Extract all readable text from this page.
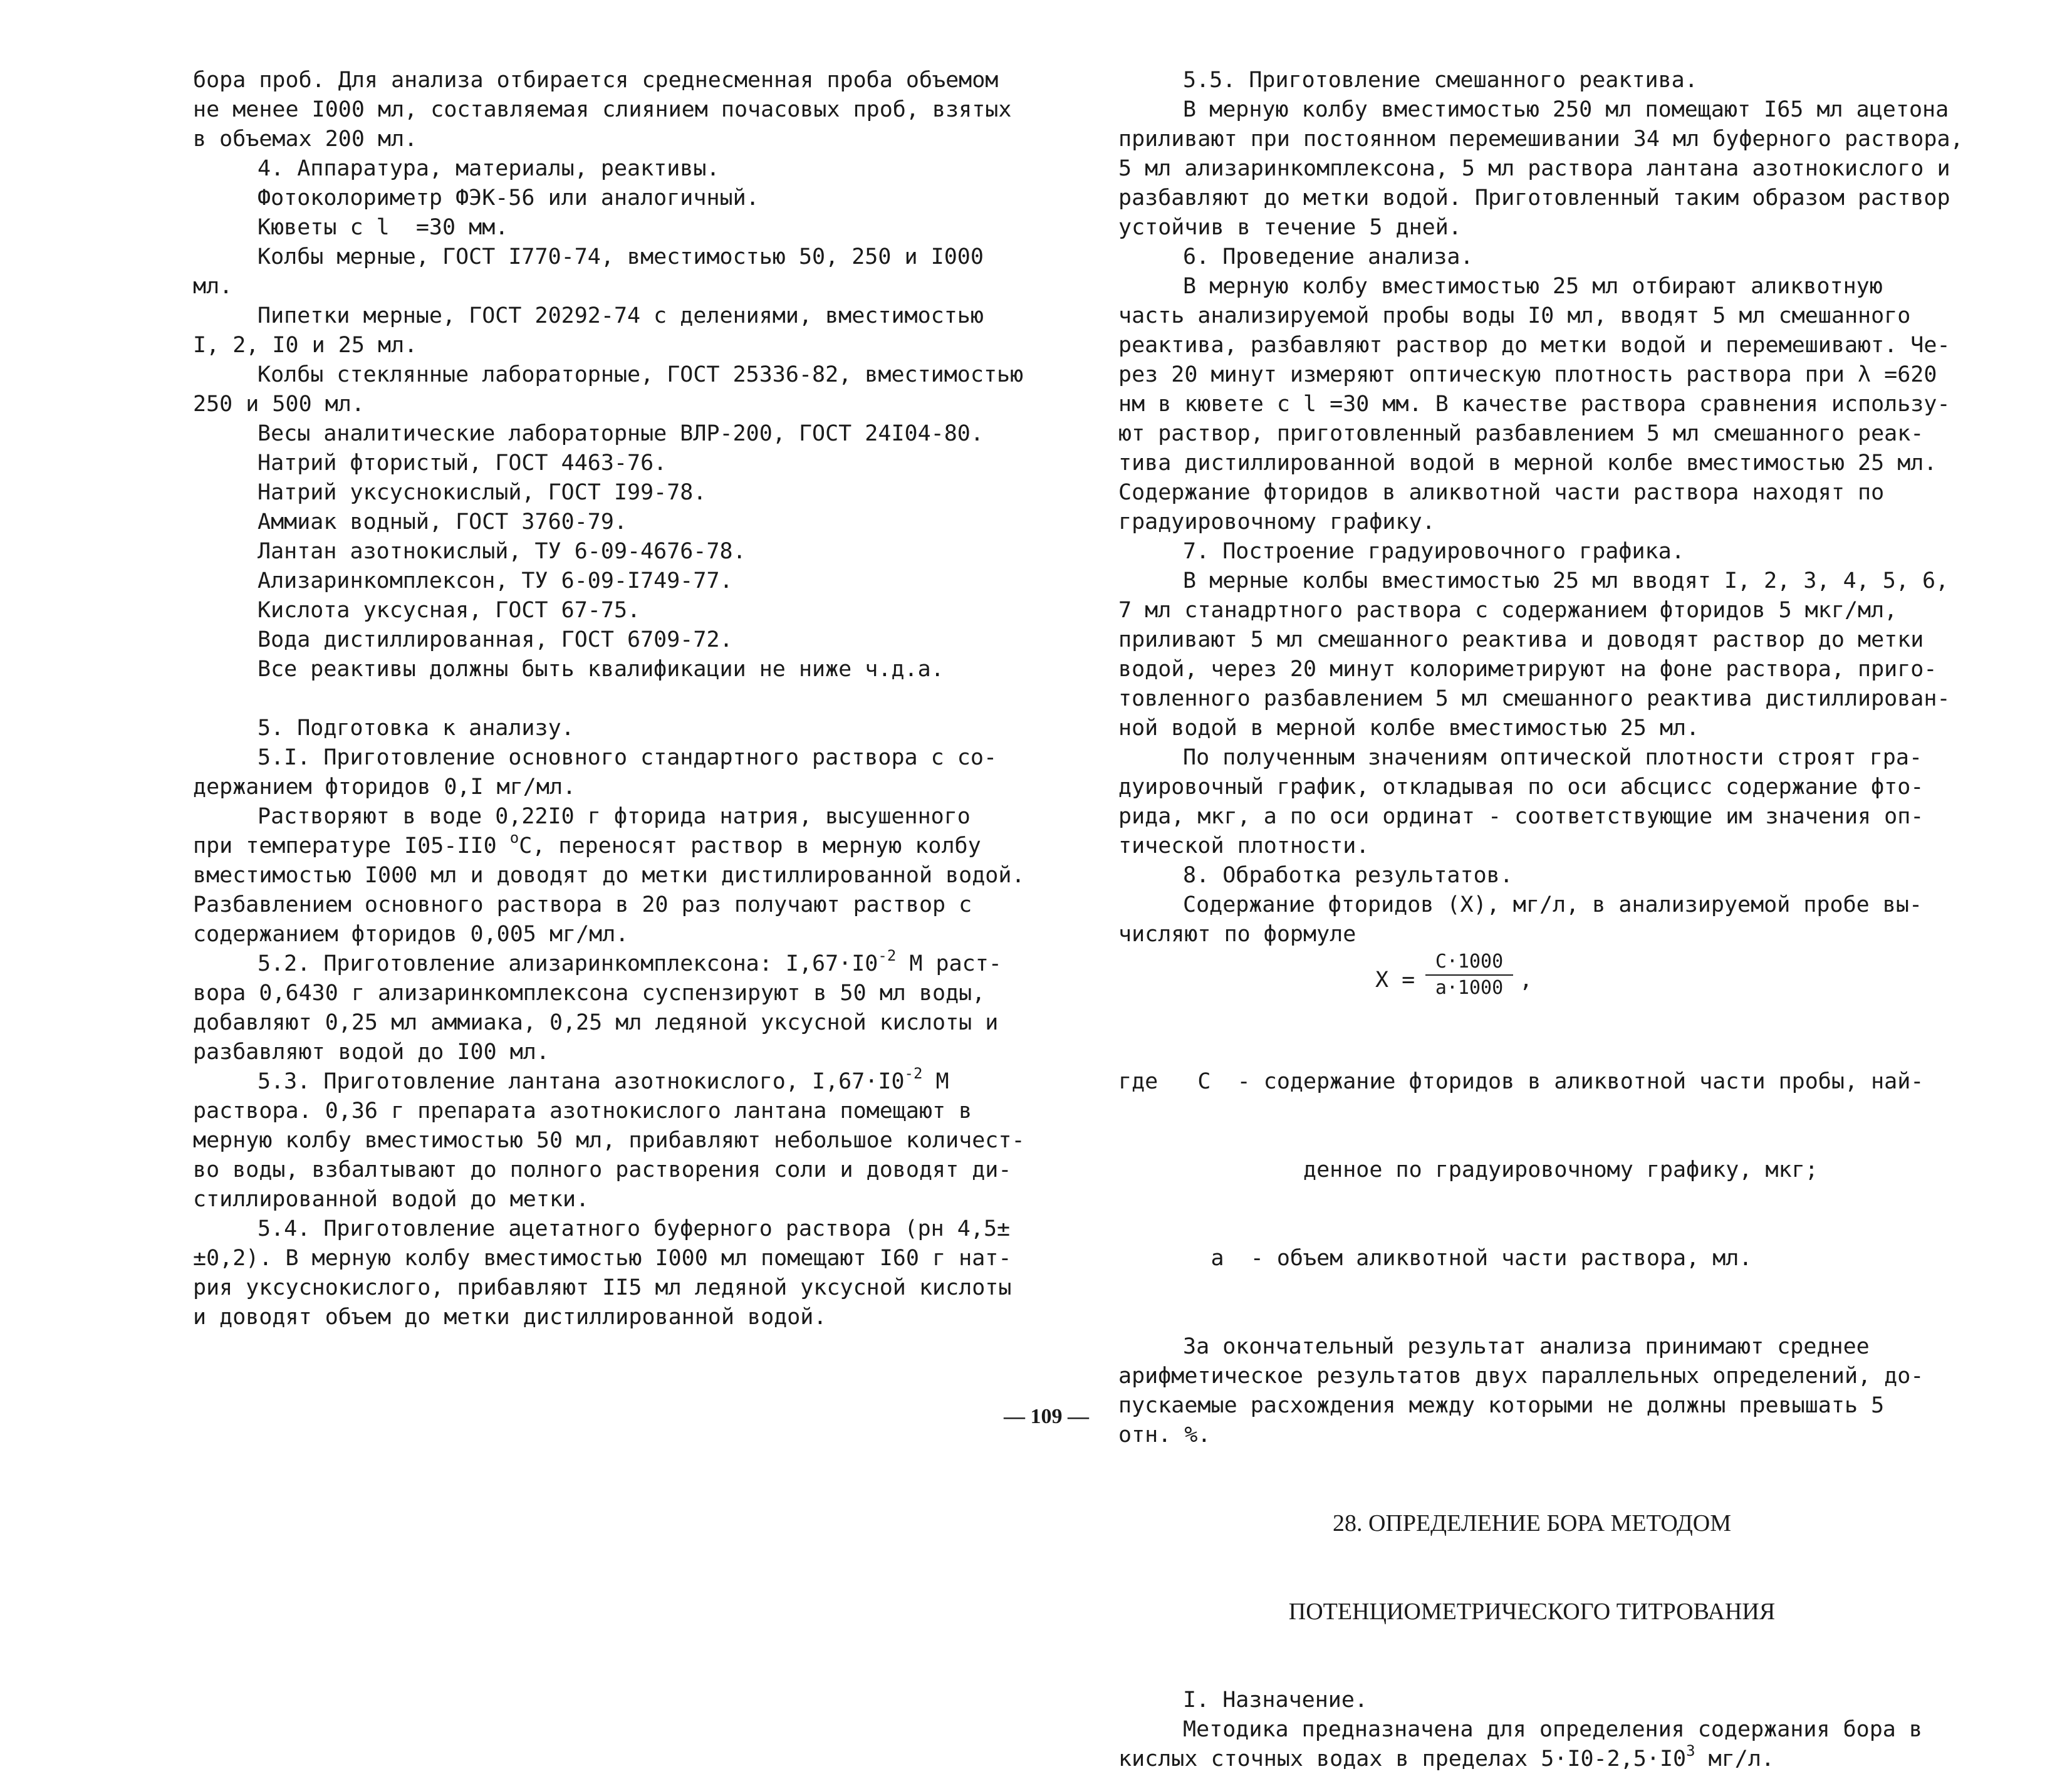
бора проб. Для анализа отбирается среднесменная проба объемом
не менее I000 мл, составляемая слиянием почасовых проб, взятых
в объемах 200 мл.
4. Аппаратура, материалы, реактивы.
Фотоколориметр ФЭК-56 или аналогичный.
Кюветы с l  =30 мм.
Колбы мерные, ГОСТ I770-74, вместимостью 50, 250 и I000
мл.
Пипетки мерные, ГОСТ 20292-74 с делениями, вместимостью
I, 2, I0 и 25 мл.
Колбы стеклянные лабораторные, ГОСТ 25336-82, вместимостью
250 и 500 мл.
Весы аналитические лабораторные ВЛР-200, ГОСТ 24I04-80.
Натрий фтористый, ГОСТ 4463-76.
Натрий уксуснокислый, ГОСТ I99-78.
Аммиак водный, ГОСТ 3760-79.
Лантан азотнокислый, ТУ 6-09-4676-78.
Ализаринкомплексон, ТУ 6-09-I749-77.
Кислота уксусная, ГОСТ 67-75.
Вода дистиллированная, ГОСТ 6709-72.
Все реактивы должны быть квалификации не ниже ч.д.а.
5. Подготовка к анализу.
5.I. Приготовление основного стандартного раствора с со-
держанием фторидов 0,I мг/мл.
Растворяют в воде 0,22I0 г фторида натрия, высушенного
при температуре I05-II0 $^о$С, переносят раствор в мерную колбу
вместимостью I000 мл и доводят до метки дистиллированной водой.
Разбавлением основного раствора в 20 раз получают раствор с
содержанием фторидов 0,005 мг/мл.
5.2. Приготовление ализаринкомплексона: $I,67\cdot I0^{-2}$ М раст-
вора 0,6430 г ализаринкомплексона суспензируют в 50 мл воды,
добавляют 0,25 мл аммиака, 0,25 мл ледяной уксусной кислоты и
разбавляют водой до I00 мл.
5.3. Приготовление лантана азотнокислого, $I,67\cdot I0^{-2}$ М
раствора. 0,36 г препарата азотнокислого лантана помещают в
мерную колбу вместимостью 50 мл, прибавляют небольшое количест-
во воды, взбалтывают до полного растворения соли и доводят ди-
стиллированной водой до метки.
5.4. Приготовление ацетатного буферного раствора (рн 4,5±
±0,2). В мерную колбу вместимостью I000 мл помещают I60 г нат-
рия уксуснокислого, прибавляют II5 мл ледяной уксусной кислоты
и доводят объем до метки дистиллированной водой.
5.5. Приготовление смешанного реактива.
В мерную колбу вместимостью 250 мл помещают I65 мл ацетона
приливают при постоянном перемешивании 34 мл буферного раствора,
5 мл ализаринкомплексона, 5 мл раствора лантана азотнокислого и
разбавляют до метки водой. Приготовленный таким образом раствор
устойчив в течение 5 дней.
6. Проведение анализа.
В мерную колбу вместимостью 25 мл отбирают аликвотную
часть анализируемой пробы воды I0 мл, вводят 5 мл смешанного
реактива, разбавляют раствор до метки водой и перемешивают. Че-
рез 20 минут измеряют оптическую плотность раствора при λ =620
нм в кювете с l =30 мм. В качестве раствора сравнения использу-
ют раствор, приготовленный разбавлением 5 мл смешанного реак-
тива дистиллированной водой в мерной колбе вместимостью 25 мл.
Содержание фторидов в аликвотной части раствора находят по
градуировочному графику.
7. Построение градуировочного графика.
В мерные колбы вместимостью 25 мл вводят I, 2, 3, 4, 5, 6,
7 мл станадртного раствора с содержанием фторидов 5 мкг/мл,
приливают 5 мл смешанного реактива и доводят раствор до метки
водой, через 20 минут колориметрируют на фоне раствора, приго-
товленного разбавлением 5 мл смешанного реактива дистиллирован-
ной водой в мерной колбе вместимостью 25 мл.
По полученным значениям оптической плотности строят гра-
дуировочный график, откладывая по оси абсцисс содержание фто-
рида, мкг, а по оси ординат - соответствующие им значения оп-
тической плотности.
8. Обработка результатов.
Содержание фторидов (X), мг/л, в анализируемой пробе вы-
числяют по формуле
$X = \frac{C\cdot 1000}{a\cdot 1000}$ ,

где   C  - содержание фторидов в аликвотной части пробы, най-

денное по градуировочному графику, мкг;

a  - объем аликвотной части раствора, мл.

За окончательный результат анализа принимают среднее
арифметическое результатов двух параллельных определений, до-
пускаемые расхождения между которыми не должны превышать 5
отн. %.

28. ОПРЕДЕЛЕНИЕ БОРА МЕТОДОМ

ПОТЕНЦИОМЕТРИЧЕСКОГО ТИТРОВАНИЯ

I. Назначение.
Методика предназначена для определения содержания бора в
кислых сточных водах в пределах $5\cdot I0-2,5\cdot I0^3$ мг/л.
— 109 —
